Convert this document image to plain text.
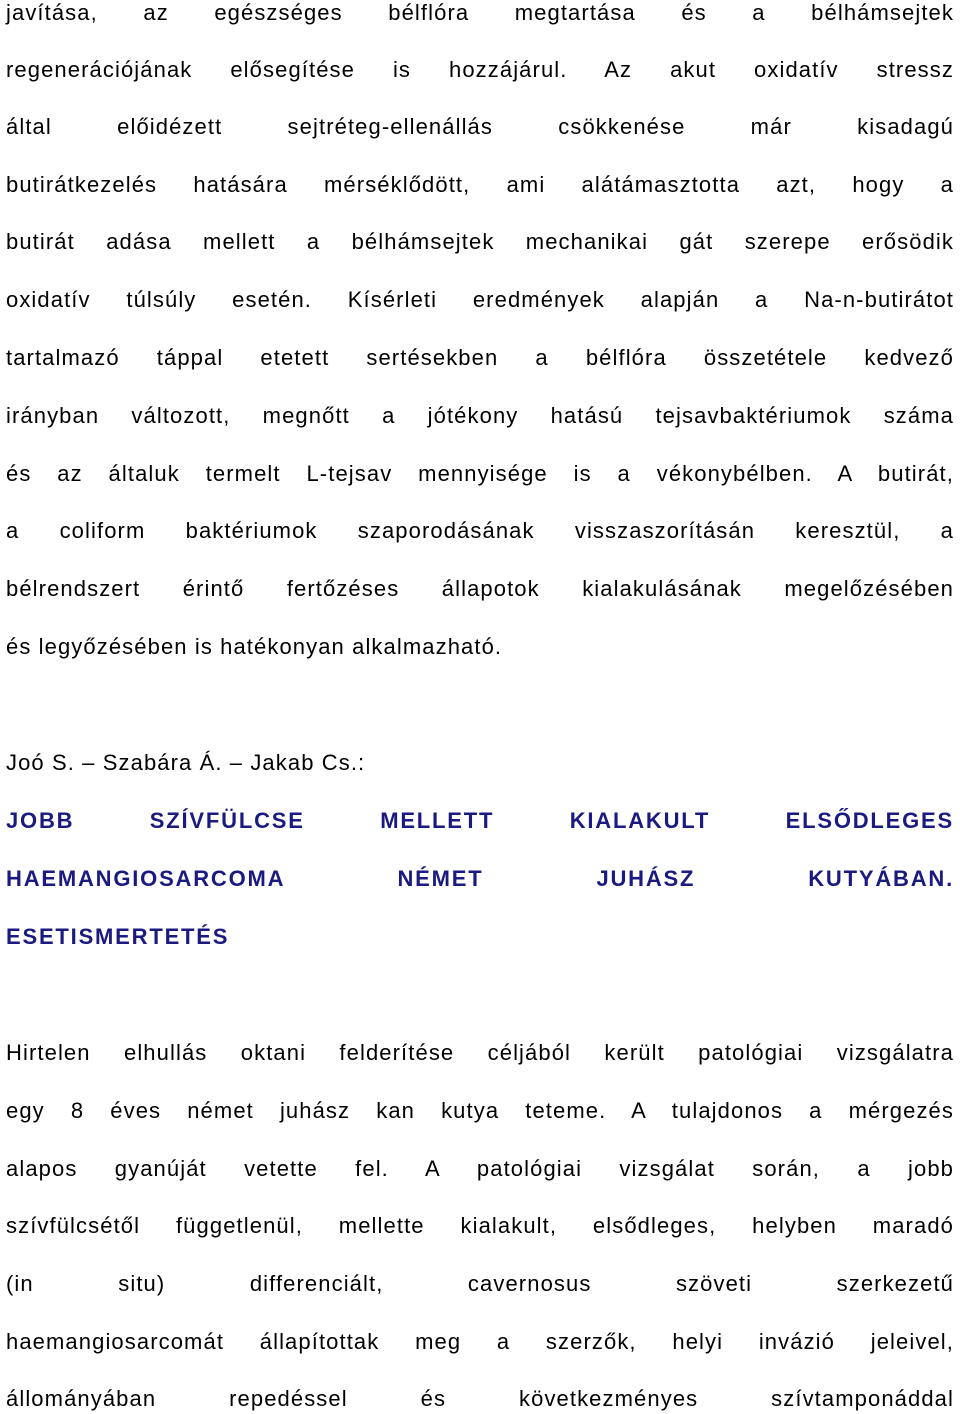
javítása, az egészséges bélflóra megtartása és a bélhámsejtek
regenerációjának elősegítése is hozzájárul. Az akut oxidatív stressz
által előidézett sejtréteg-ellenállás csökkenése már kisadagú
butirátkezelés hatására mérséklődött, ami alátámasztotta azt, hogy a
butirát adása mellett a bélhámsejtek mechanikai gát szerepe erősödik
oxidatív túlsúly esetén. Kísérleti eredmények alapján a Na-n-butirátot
tartalmazó táppal etetett sertésekben a bélflóra összetétele kedvező
irányban változott, megnőtt a jótékony hatású tejsavbaktériumok száma
és az általuk termelt L-tejsav mennyisége is a vékonybélben. A butirát,
a coliform baktériumok szaporodásának visszaszorításán keresztül, a
bélrendszert érintő fertőzéses állapotok kialakulásának megelőzésében
és legyőzésében is hatékonyan alkalmazható.
Joó S. – Szabára Á. – Jakab Cs.:
JOBB SZÍVFÜLCSE MELLETT KIALAKULT ELSŐDLEGES
HAEMANGIOSARCOMA NÉMET JUHÁSZ KUTYÁBAN.
ESETISMERTETÉS
Hirtelen elhullás oktani felderítése céljából került patológiai vizsgálatra
egy 8 éves német juhász kan kutya teteme. A tulajdonos a mérgezés
alapos gyanúját vetette fel. A patológiai vizsgálat során, a jobb
szívfülcsétől függetlenül, mellette kialakult, elsődleges, helyben maradó
(in situ) differenciált, cavernosus szöveti szerkezetű
haemangiosarcomát állapítottak meg a szerzők, helyi invázió jeleivel,
állományában repedéssel és következményes szívtamponáddal
